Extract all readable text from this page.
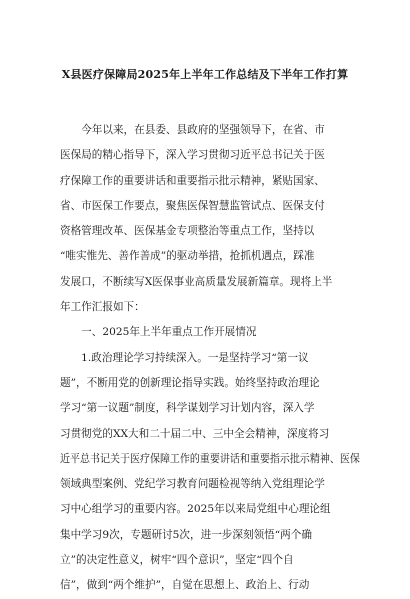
X县医疗保障局2025年上半年工作总结及下半年工作打算
　　今年以来，在县委、县政府的坚强领导下，在省、市
医保局的精心指导下，深入学习贯彻习近平总书记关于医
疗保障工作的重要讲话和重要指示批示精神，紧贴国家、
省、市医保工作要点，聚焦医保智慧监管试点、医保支付
资格管理改革、医保基金专项整治等重点工作，坚持以
“唯实惟先、善作善成”的驱动举措，抢抓机遇点，踩准
发展口，不断续写X医保事业高质量发展新篇章。现将上半
年工作汇报如下：
　　一、2025年上半年重点工作开展情况
　　1.政治理论学习持续深入。一是坚持学习“第一议
题”，不断用党的创新理论指导实践。始终坚持政治理论
学习“第一议题”制度，科学谋划学习计划内容，深入学
习贯彻党的XX大和二十届二中、三中全会精神，深度将习
近平总书记关于医疗保障工作的重要讲话和重要指示批示精神、医保
领域典型案例、党纪学习教育问题检视等纳入党组理论学
习中心组学习的重要内容。2025年以来局党组中心理论组
集中学习9次，专题研讨5次，进一步深刻领悟“两个确
立”的决定性意义，树牢“四个意识”，坚定“四个自
信”，做到“两个维护”，自觉在思想上、政治上、行动
